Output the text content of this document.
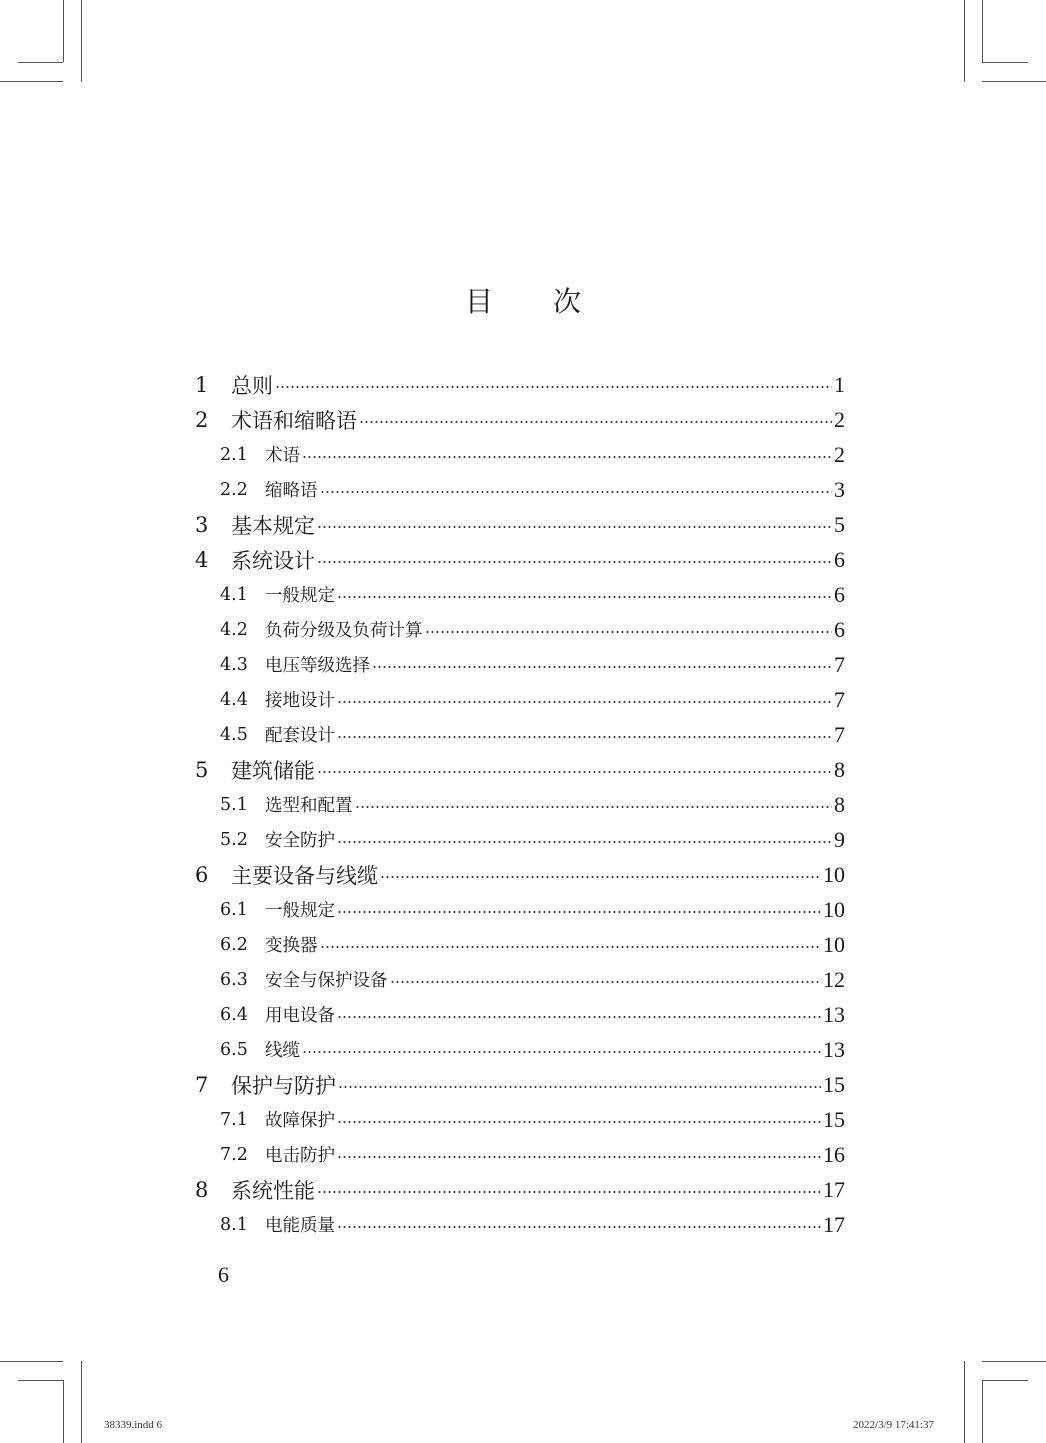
目 次
1	总则	1
2	术语和缩略语	2
2.1 术语	2
2.2 缩略语	3
3	基本规定	5
4	系统设计	6
4.1 一般规定	6
4.2 负荷分级及负荷计算	6
4.3 电压等级选择	7
4.4 接地设计	7
4.5 配套设计	7
5	建筑储能	8
5.1 选型和配置	8
5.2 安全防护	9
6	主要设备与线缆	10
6.1 一般规定	10
6.2 变换器	10
6.3 安全与保护设备	12
6.4 用电设备	13
6.5 线缆	13
7	保护与防护	15
7.1 故障保护	15
7.2 电击防护	16
8	系统性能	17
8.1 电能质量	17
6
38339.indd 6	2022/3/9 17:41:37
